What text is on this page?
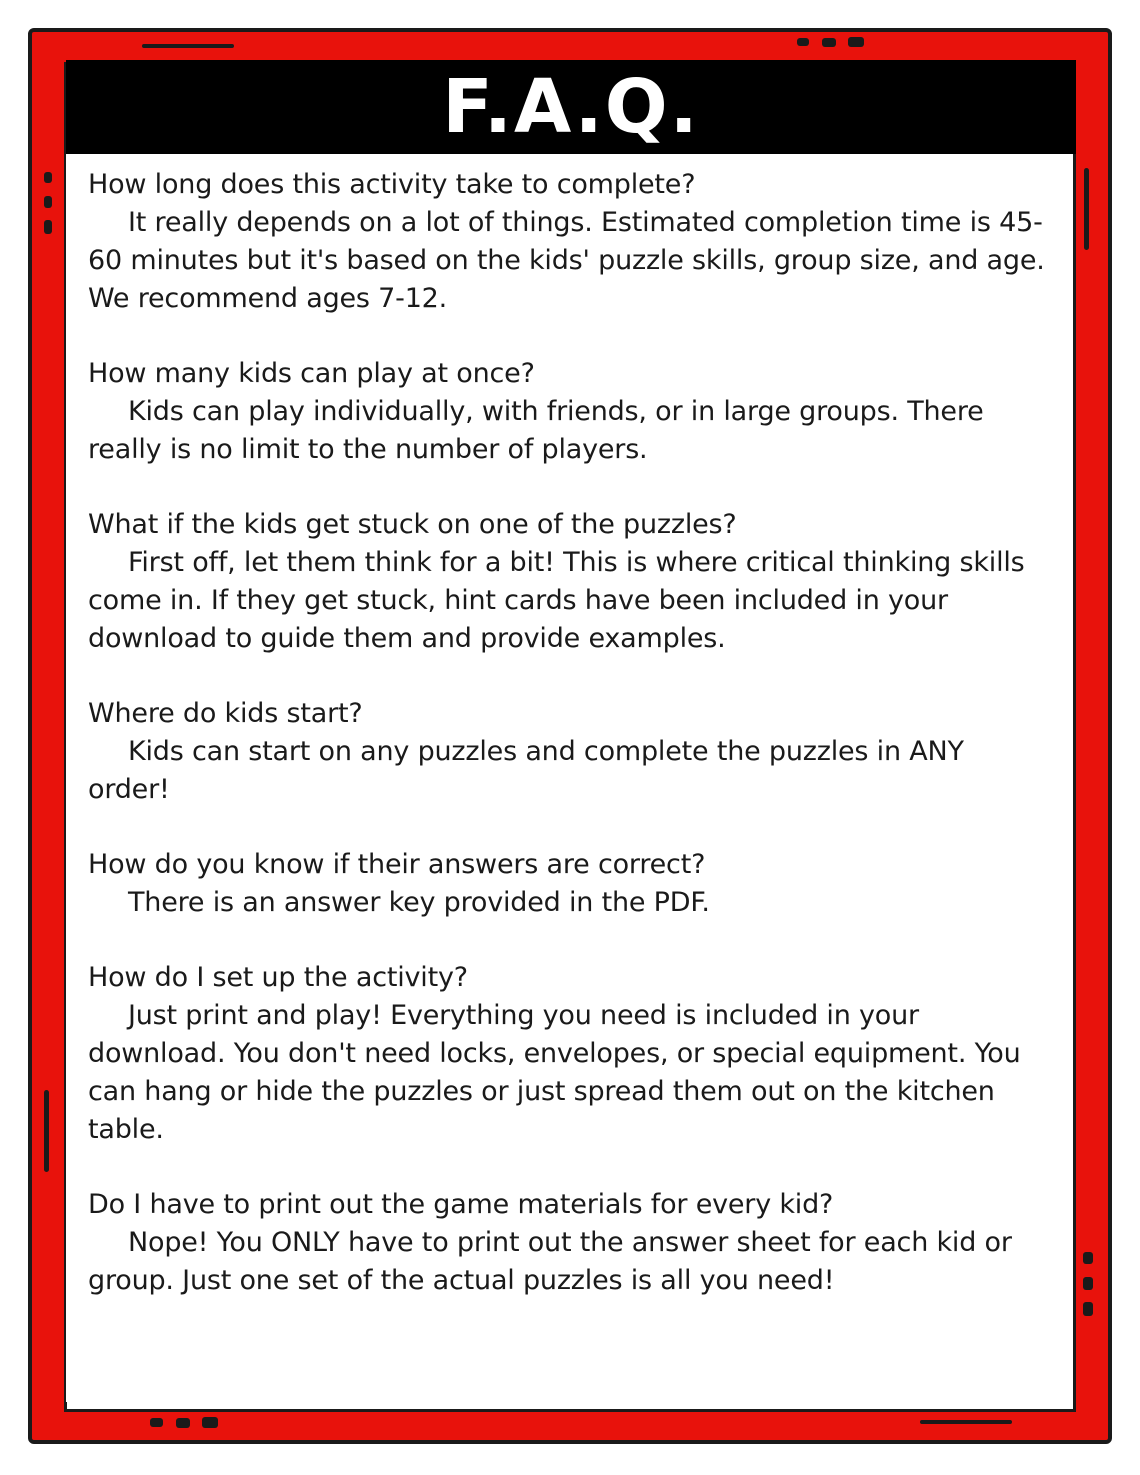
F.A.Q.

How long does this activity take to complete?

It really depends on a lot of things. Estimated completion time is 45-60 minutes but it's based on the kids' puzzle skills, group size, and age. We recommend ages 7-12.

How many kids can play at once?

Kids can play individually, with friends, or in large groups. There really is no limit to the number of players.

What if the kids get stuck on one of the puzzles?

First off, let them think for a bit! This is where critical thinking skills come in. If they get stuck, hint cards have been included in your download to guide them and provide examples.

Where do kids start?

Kids can start on any puzzles and complete the puzzles in ANY order!

How do you know if their answers are correct?

There is an answer key provided in the PDF.

How do I set up the activity?

Just print and play! Everything you need is included in your download. You don't need locks, envelopes, or special equipment. You can hang or hide the puzzles or just spread them out on the kitchen table.

Do I have to print out the game materials for every kid?

Nope! You ONLY have to print out the answer sheet for each kid or group. Just one set of the actual puzzles is all you need!
